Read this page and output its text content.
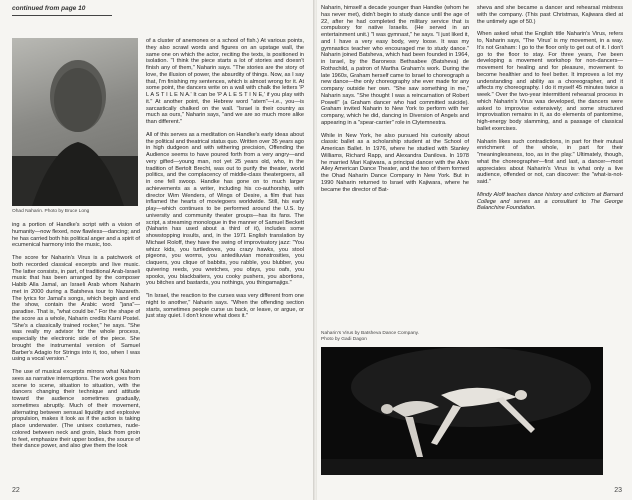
continued from page 10
Ohad Naharin. Photo by Bruce Long

ing a portion of Handke's script with a vision of humanity—now flexed, now flawless—dancing; and he has carried both his political anger and a spirit of ecumenical harmony into the music, too.

The score for Naharin's Virus is a patchwork of both recorded classical excerpts and live music. The latter consists, in part, of traditional Arab-Israeli music that has been arranged by the composer Habib Alla Jamal, an Israeli Arab whom Naharin met in 2000 during a Batsheva tour to Nazareth. The lyrics for Jamal's songs, which begin and end the show, contain the Arabic word "jana"—paradise. That is, "what could be." For the shape of the score as a whole, Naharin credits Karni Postel. "She's a classically trained rocker," he says. "She was really my advisor for the whole process, especially the electronic side of the piece. She brought the instrumental version of Samuel Barber's Adagio for Strings into it, too, when I was using a vocal version."

The use of musical excerpts mirrors what Naharin sees as narrative interruptions. The work goes from scene to scene, situation to situation, with the dancers changing their technique and attitude toward the audience sometimes gradually, sometimes abruptly. Much of their movement, alternating between sensual liquidity and explosive propulsion, makes it look as if the action is taking place underwater. (The unisex costumes, nude-colored between neck and groin, black from groin to feet, emphasize their upper bodies, the source of their dance power, and also give them the look

of a cluster of anemones or a school of fish.) At various points, they also scrawl words and figures on an upstage wall, the same one on which the actor, reciting the texts, is positioned in isolation. "I think the piece starts a lot of stories and doesn't finish any of them," Naharin says. "The stories are the story of love, the illusion of power, the absurdity of things. Now, as I say that, I'm finishing my sentences, which is almost wrong for it. At some point, the dancers write on a wall with chalk the letters 'P L A S T I L E N A.' It can be 'P A L E S T I N E,' if you play with it." At another point, the Hebrew word "atem"—i.e., you—is sarcastically chalked on the wall. "Israel is their country as much as ours," Naharin says, "and we are so much more alike than different."

All of this serves as a meditation on Handke's early ideas about the political and theatrical status quo. Written over 35 years ago in high dudgeon and with withering precision, Offending the Audience seems to have poured forth from a very angry—and very gifted—young man, not yet 25 years old, who, in the tradition of Bertolt Brecht, was out to purify the theater, world politics, and the complacency of middle-class theatergoers, all in one fell swoop. Handke has gone on to much larger achievements as a writer, including his co-authorship, with director Wim Wenders, of Wings of Desire, a film that has inflamed the hearts of moviegoers worldwide. Still, his early play—which continues to be performed around the U.S. by university and community theater groups—has its fans. The script, a streaming monologue in the manner of Samuel Beckett (Naharin has used about a third of it), includes some showstopping insults, and, in the 1971 English translation by Michael Roloff, they have the swing of improvisatory jazz: "You whizz kids, you turtledoves, you crazy hawks, you stool pigeons, you worms, you antediluvian monstrosities, you claquers, you clique of babbits, you rabble, you blubber, you quivering reeds, you wretches, you ofays, you oafs, you spooks, you blackbaiters, you cooky pushers, you abortions, you bitches and bastards, you nothings, you thingamajigs."

"In Israel, the reaction to the curses was very different from one night to another," Naharin says. "When the offending section starts, sometimes people curse us back, or leave, or argue, or just stay quiet. I don't know what does it."

22

Naharin, himself a decade younger than Handke (whom he has never met), didn't begin to study dance until the age of 22, after he had completed the military service that is compulsory for native Israelis. (He served in an entertainment unit.) "I was gymnast," he says. "I just liked it, and I have a very easy body, very loose. It was my gymnastics teacher who encouraged me to study dance." Naharin joined Batsheva, which had been founded in 1964, in Israel, by the Baroness Bethsabee (Batsheva) de Rothschild, a patron of Martha Graham's work. During the late 1960s, Graham herself came to Israel to choreograph a new dance—the only choreography she ever made for any company outside her own. "She saw something in me," Naharin says. "She thought I was a reincarnation of Robert Powell" (a Graham dancer who had committed suicide). Graham invited Naharin to New York to perform with her company, which he did, dancing in Diversion of Angels and appearing in a "spear-carrier" role in Clytemnestra.

While in New York, he also pursued his curiosity about classic ballet as a scholarship student at the School of American Ballet. In 1976, where he studied with Stanley Williams, Richard Rapp, and Alexandra Danilova. In 1978 he married Mari Kajiwara, a principal dancer with the Alvin Ailey American Dance Theater, and the two of them formed the Ohad Naharin Dance Company in New York. But in 1990 Naharin returned to Israel with Kajiwara, where he became the director of Bat-

sheva and she became a dancer and rehearsal mistress with the company. (This past Christmas, Kajiwara died at the untimely age of 50.)

When asked what the English title Naharin's Virus, refers to, Naharin says, "The 'Virus' is my movement, in a way. It's not Graham: I go to the floor only to get out of it. I don't go to the floor to stay. For three years, I've been developing a movement workshop for non-dancers—movement for healing and for pleasure, movement to become healthier and to feel better. It improves a lot my understanding and ability as a choreographer, and it affects my choreography. I do it myself 45 minutes twice a week." Over the two-year intermittent rehearsal process in which Naharin's Virus was developed, the dancers were asked to improvise extensively; and some structured improvisation remains in it, as do elements of pantomime, high-energy body slamming, and a passage of classical ballet exercises.

Naharin likes such contradictions, in part for their mutual enrichment of the whole, in part for their "meaninglessness, too, as in the play." Ultimately, though, what the choreographer—first and last, a dancer—most appreciates about Naharin's Virus is what only a live audience, offended or not, can discover: the "what-is-not-said."

Mindy Aloff teaches dance history and criticism at Barnard College and serves as a consultant to The George Balanchine Foundation.

Naharin's Virus by Batsheva Dance Company.
Photo by Gadi Dagon
23
